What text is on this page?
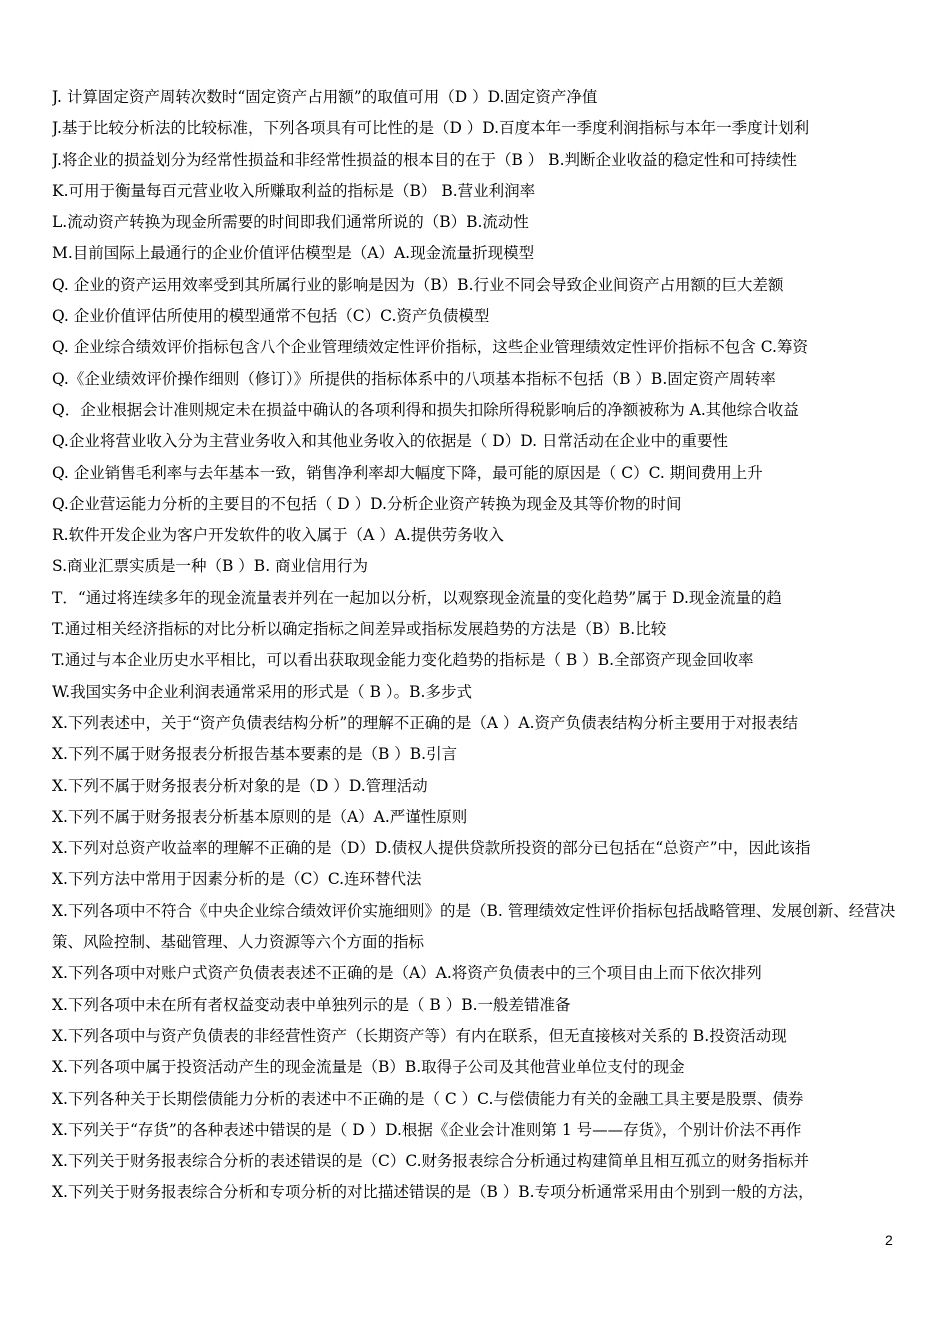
J. 计算固定资产周转次数时“固定资产占用额”的取值可用（D ）D.固定资产净值
J.基于比较分析法的比较标准，下列各项具有可比性的是（D ）D.百度本年一季度利润指标与本年一季度计划利
J.将企业的损益划分为经常性损益和非经常性损益的根本目的在于（B ） B.判断企业收益的稳定性和可持续性
K.可用于衡量每百元营业收入所赚取利益的指标是（B） B.营业利润率
L.流动资产转换为现金所需要的时间即我们通常所说的（B）B.流动性
M.目前国际上最通行的企业价值评估模型是（A）A.现金流量折现模型
Q. 企业的资产运用效率受到其所属行业的影响是因为（B）B.行业不同会导致企业间资产占用额的巨大差额
Q. 企业价值评估所使用的模型通常不包括（C）C.资产负债模型
Q. 企业综合绩效评价指标包含八个企业管理绩效定性评价指标，这些企业管理绩效定性评价指标不包含 C.筹资
Q.《企业绩效评价操作细则（修订）》所提供的指标体系中的八项基本指标不包括（B ）B.固定资产周转率
Q．企业根据会计准则规定未在损益中确认的各项利得和损失扣除所得税影响后的净额被称为 A.其他综合收益
Q.企业将营业收入分为主营业务收入和其他业务收入的依据是（ D）D. 日常活动在企业中的重要性
Q. 企业销售毛利率与去年基本一致，销售净利率却大幅度下降，最可能的原因是（ C）C. 期间费用上升
Q.企业营运能力分析的主要目的不包括（ D ）D.分析企业资产转换为现金及其等价物的时间
R.软件开发企业为客户开发软件的收入属于（A ）A.提供劳务收入
S.商业汇票实质是一种（B ）B. 商业信用行为
T．“通过将连续多年的现金流量表并列在一起加以分析，以观察现金流量的变化趋势”属于 D.现金流量的趋
T.通过相关经济指标的对比分析以确定指标之间差异或指标发展趋势的方法是（B）B.比较
T.通过与本企业历史水平相比，可以看出获取现金能力变化趋势的指标是（ B ）B.全部资产现金回收率
W.我国实务中企业利润表通常采用的形式是（ B ）。B.多步式
X.下列表述中，关于“资产负债表结构分析”的理解不正确的是（A ）A.资产负债表结构分析主要用于对报表结
X.下列不属于财务报表分析报告基本要素的是（B ）B.引言
X.下列不属于财务报表分析对象的是（D ）D.管理活动
X.下列不属于财务报表分析基本原则的是（A）A.严谨性原则
X.下列对总资产收益率的理解不正确的是（D）D.债权人提供贷款所投资的部分已包括在“总资产”中，因此该指
X.下列方法中常用于因素分析的是（C）C.连环替代法
X.下列各项中不符合《中央企业综合绩效评价实施细则》的是（B. 管理绩效定性评价指标包括战略管理、发展创新、经营决策、风险控制、基础管理、人力资源等六个方面的指标
X.下列各项中对账户式资产负债表表述不正确的是（A）A.将资产负债表中的三个项目由上而下依次排列
X.下列各项中未在所有者权益变动表中单独列示的是（ B ）B.一般差错准备
X.下列各项中与资产负债表的非经营性资产（长期资产等）有内在联系，但无直接核对关系的 B.投资活动现
X.下列各项中属于投资活动产生的现金流量是（B）B.取得子公司及其他营业单位支付的现金
X.下列各种关于长期偿债能力分析的表述中不正确的是（ C ）C.与偿债能力有关的金融工具主要是股票、债券
X.下列关于“存货”的各种表述中错误的是（ D ）D.根据《企业会计准则第 1 号——存货》，个别计价法不再作
X.下列关于财务报表综合分析的表述错误的是（C）C.财务报表综合分析通过构建简单且相互孤立的财务指标并
X.下列关于财务报表综合分析和专项分析的对比描述错误的是（B ）B.专项分析通常采用由个别到一般的方法，
2
